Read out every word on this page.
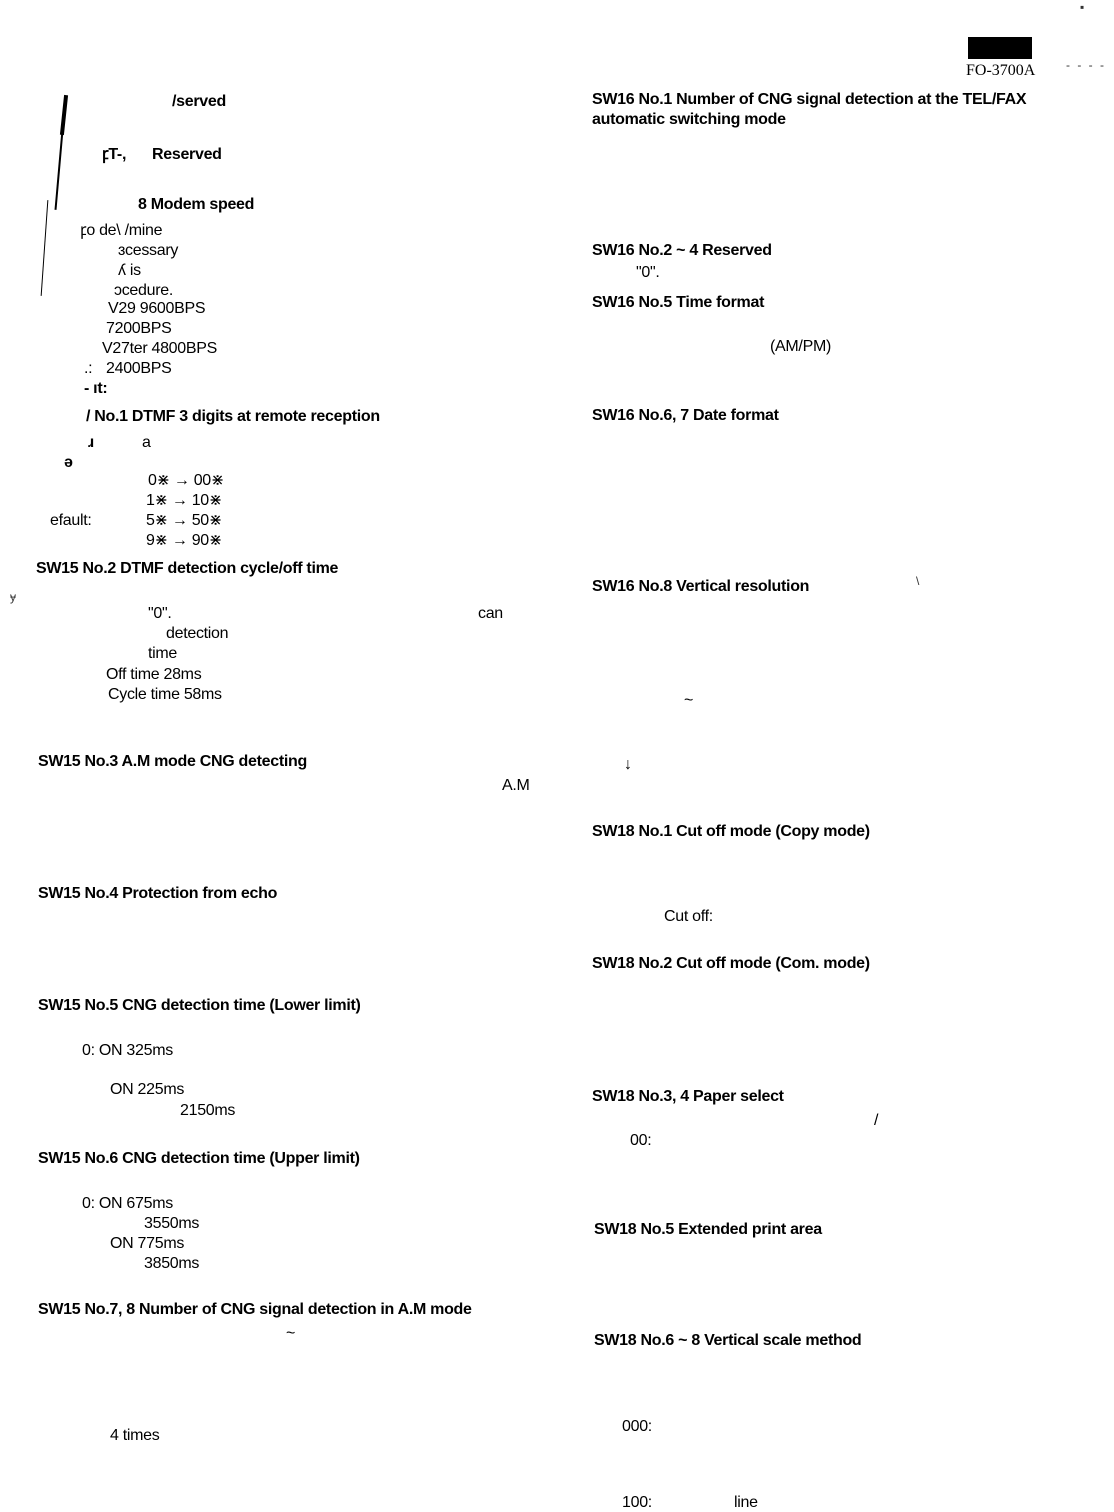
FO-3700A
▪
- - - ‐
/served
ꝼT-, Reserved
8 Modem speed
ꝼo de\ /mine
ɜcessary
ʎ is
ɔcedure.
V29 9600BPS
7200BPS
V27ter 4800BPS
.: 2400BPS
- ıt:
/ No.1 DTMF 3 digits at remote reception
ɹ	a
ə
0⋇ → 00⋇
1⋇ → 10⋇
efault:	5⋇ → 50⋇
9⋇ → 90⋇
SW15 No.2 DTMF detection cycle/off time
ɏ
"0".	can
detection
time
Off time 28ms
Cycle time 58ms
SW15 No.3 A.M mode CNG detecting
A.M
SW15 No.4 Protection from echo
SW15 No.5 CNG detection time (Lower limit)
0: ON 325ms
ON 225ms
2150ms
SW15 No.6 CNG detection time (Upper limit)
0: ON 675ms
3550ms
ON 775ms
3850ms
SW15 No.7, 8 Number of CNG signal detection in A.M mode
~
4 times
SW16 No.1 Number of CNG signal detection at the TEL/FAX
automatic switching mode
SW16 No.2 ~ 4 Reserved
"0".
SW16 No.5 Time format
(AM/PM)
SW16 No.6, 7 Date format
SW16 No.8 Vertical resolution	\
~
↓
SW18 No.1 Cut off mode (Copy mode)
Cut off:
SW18 No.2 Cut off mode (Com. mode)
SW18 No.3, 4 Paper select
/
00:
SW18 No.5 Extended print area
SW18 No.6 ~ 8 Vertical scale method
000:
100:	line
